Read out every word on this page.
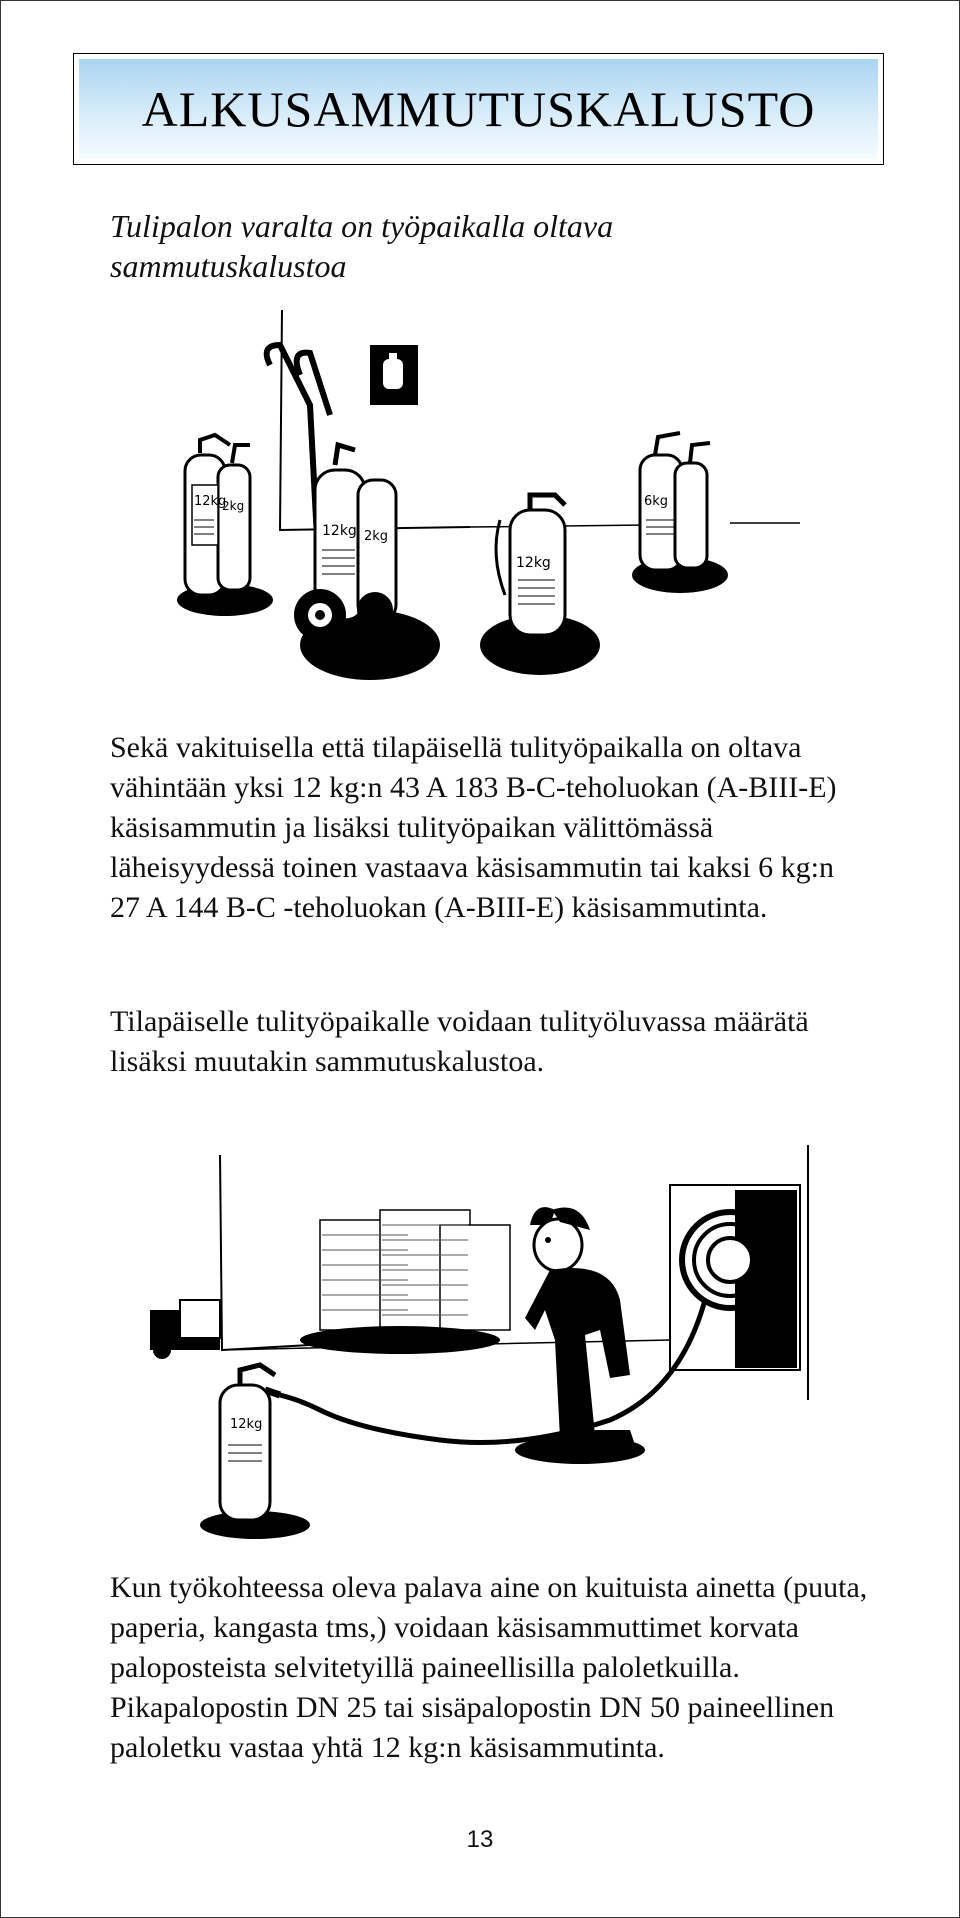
ALKUSAMMUTUSKALUSTO
Tulipalon varalta on työpaikalla oltava sammutuskalustoa
12kg
2kg
12kg 2kg
12kg
6kg
Sekä vakituisella että tilapäisellä tulityöpaikalla on oltava vähintään yksi 12 kg:n 43 A 183 B-C-teholuokan (A-BIII-E) käsisammutin ja lisäksi tulityöpaikan välittömässä läheisyydessä toinen vastaava käsisammutin tai kaksi 6 kg:n 27 A 144 B-C -teholuokan (A-BIII-E) käsisammutinta.
Tilapäiselle tulityöpaikalle voidaan tulityöluvassa määrätä lisäksi muutakin sammutuskalustoa.
12kg
Kun työkohteessa oleva palava aine on kuituista ainetta (puuta, paperia, kangasta tms,) voidaan käsisammuttimet korvata paloposteista selvitetyillä paineellisilla paloletkuilla. Pikapalopostin DN 25 tai sisäpalopostin DN 50 paineellinen paloletku vastaa yhtä 12 kg:n käsisammutinta.
13
